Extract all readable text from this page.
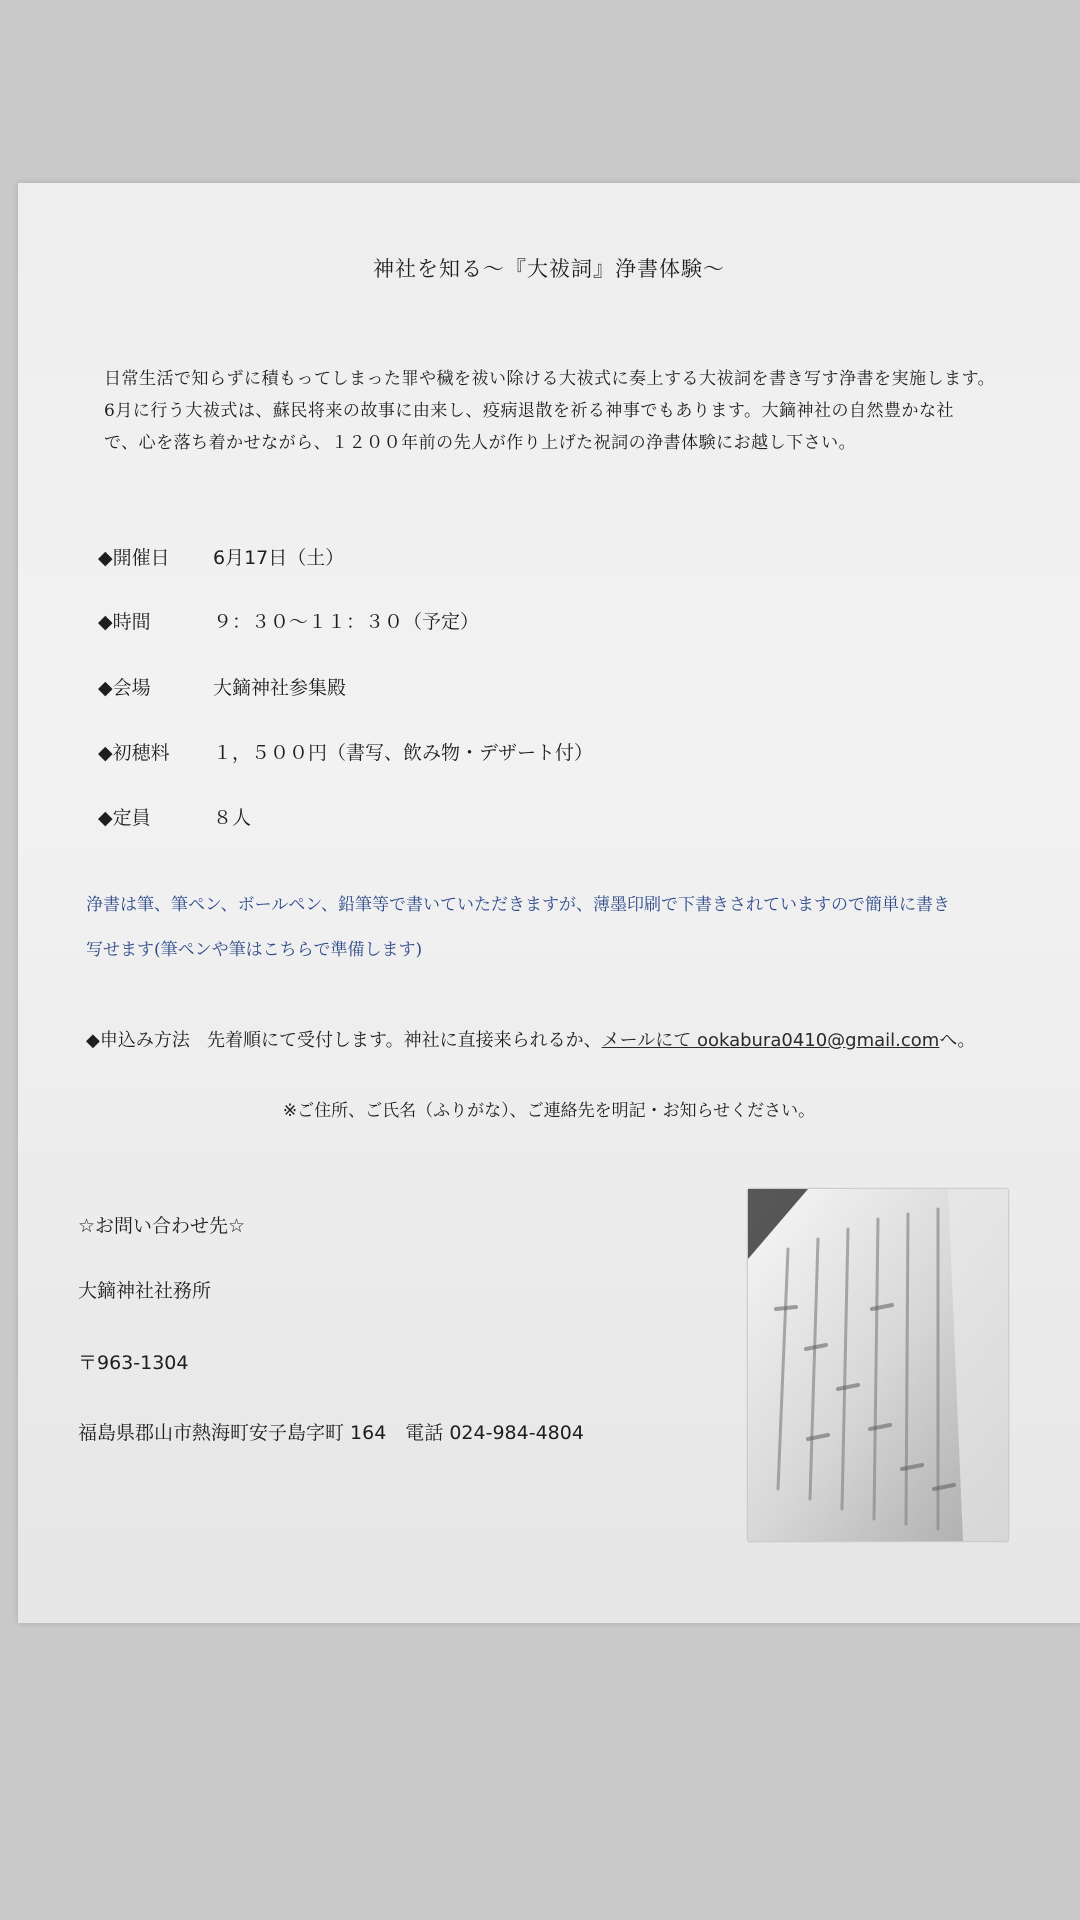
神社を知る～『大祓詞』浄書体験～
日常生活で知らずに積もってしまった罪や穢を祓い除ける大祓式に奏上する大祓詞を書き写す浄書を実施します。
6月に行う大祓式は、蘇民将来の故事に由来し、疫病退散を祈る神事でもあります。大鏑神社の自然豊かな社
で、心を落ち着かせながら、１２００年前の先人が作り上げた祝詞の浄書体験にお越し下さい。
◆開催日 6月17日（土）
◆時間	９：３０～１１：３０（予定）
◆会場	大鏑神社参集殿
◆初穂料 １，５００円（書写、飲み物・デザート付）
◆定員	８人
浄書は筆、筆ペン、ボールペン、鉛筆等で書いていただきますが、薄墨印刷で下書きされていますので簡単に書き
写せます(筆ペンや筆はこちらで準備します)
◆申込み方法 先着順にて受付します。神社に直接来られるか、メールにて ookabura0410@gmail.comへ。
※ご住所、ご氏名（ふりがな）、ご連絡先を明記・お知らせください。
☆お問い合わせ先☆
大鏑神社社務所
〒963-1304
福島県郡山市熱海町安子島字町 164　電話 024-984-4804
